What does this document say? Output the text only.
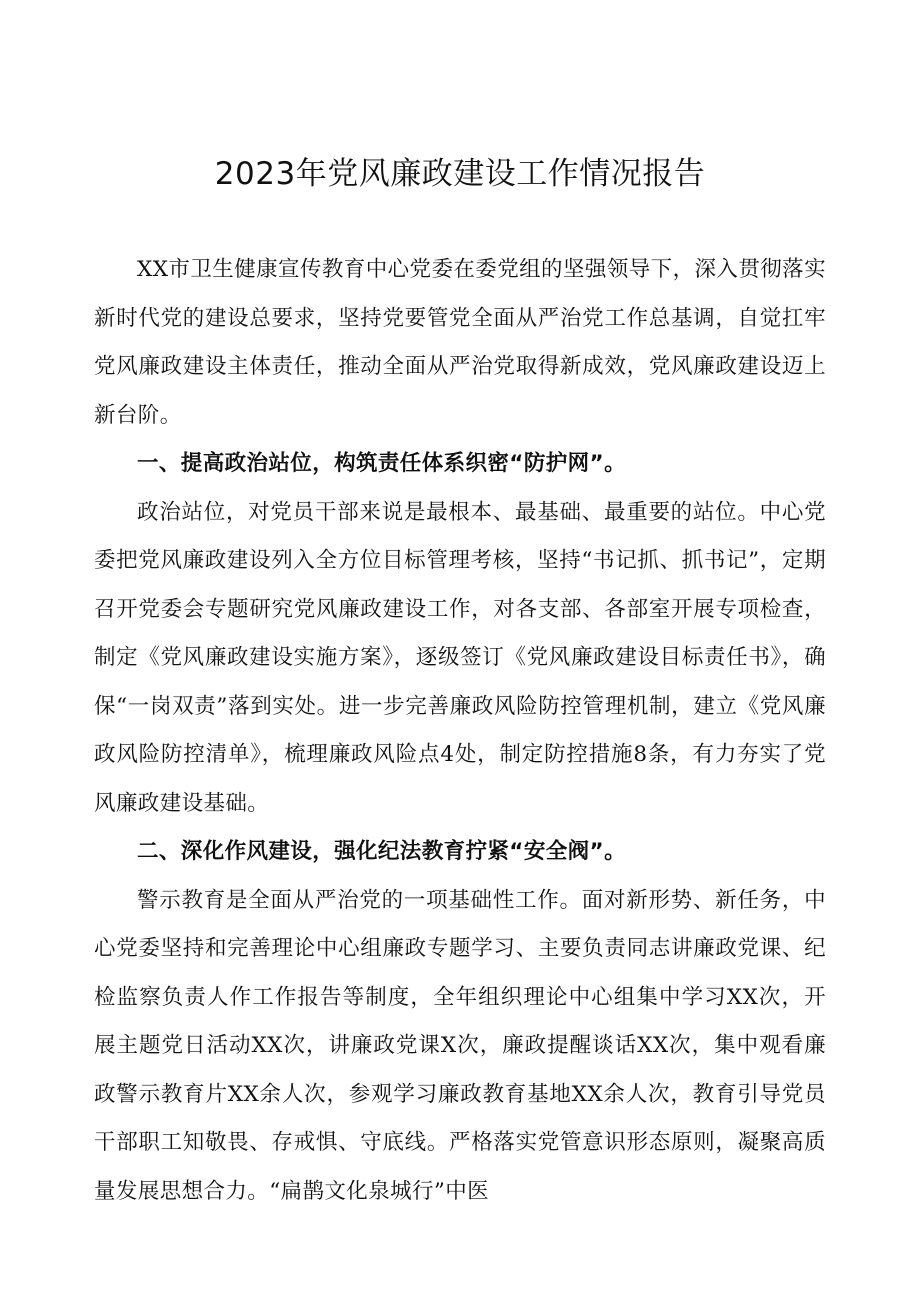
2023年党风廉政建设工作情况报告

XX市卫生健康宣传教育中心党委在委党组的坚强领导下，深入贯彻落实新时代党的建设总要求，坚持党要管党全面从严治党工作总基调，自觉扛牢党风廉政建设主体责任，推动全面从严治党取得新成效，党风廉政建设迈上新台阶。

一、提高政治站位，构筑责任体系织密“防护网”。

政治站位，对党员干部来说是最根本、最基础、最重要的站位。中心党委把党风廉政建设列入全方位目标管理考核，坚持“书记抓、抓书记”，定期召开党委会专题研究党风廉政建设工作，对各支部、各部室开展专项检查，制定《党风廉政建设实施方案》，逐级签订《党风廉政建设目标责任书》，确保“一岗双责”落到实处。进一步完善廉政风险防控管理机制，建立《党风廉政风险防控清单》，梳理廉政风险点4处，制定防控措施8条，有力夯实了党风廉政建设基础。

二、深化作风建设，强化纪法教育拧紧“安全阀”。

警示教育是全面从严治党的一项基础性工作。面对新形势、新任务，中心党委坚持和完善理论中心组廉政专题学习、主要负责同志讲廉政党课、纪检监察负责人作工作报告等制度，全年组织理论中心组集中学习XX次，开展主题党日活动XX次，讲廉政党课X次，廉政提醒谈话XX次，集中观看廉政警示教育片XX余人次，参观学习廉政教育基地XX余人次，教育引导党员干部职工知敬畏、存戒惧、守底线。严格落实党管意识形态原则，凝聚高质量发展思想合力。“扁鹊文化泉城行”中医
